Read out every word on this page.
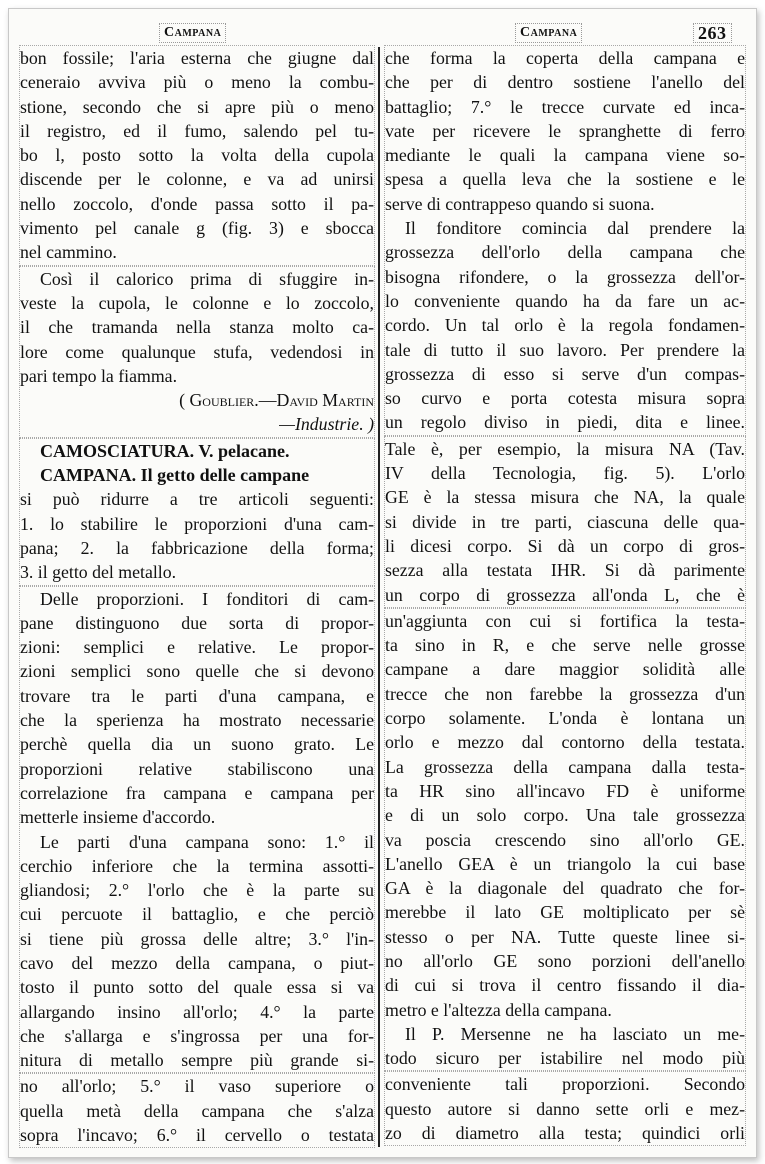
Campana	Campana	263
bon fossile; l'aria esterna che giugne dal
ceneraio avviva più o meno la combu-
stione, secondo che si apre più o meno
il registro, ed il fumo, salendo pel tu-
bo l, posto sotto la volta della cupola
discende per le colonne, e va ad unirsi
nello zoccolo, d'onde passa sotto il pa-
vimento pel canale g (fig. 3) e sbocca
nel cammino.
Così il calorico prima di sfuggire in-
veste la cupola, le colonne e lo zoccolo,
il che tramanda nella stanza molto ca-
lore come qualunque stufa, vedendosi in
pari tempo la fiamma.
( Goublier.—David Martin
—Industrie. )
CAMOSCIATURA. V. pelacane.
CAMPANA. Il getto delle campane
si può ridurre a tre articoli seguenti:
1. lo stabilire le proporzioni d'una cam-
pana; 2. la fabbricazione della forma;
3. il getto del metallo.
Delle proporzioni. I fonditori di cam-
pane distinguono due sorta di propor-
zioni: semplici e relative. Le propor-
zioni semplici sono quelle che si devono
trovare tra le parti d'una campana, e
che la sperienza ha mostrato necessarie
perchè quella dia un suono grato. Le
proporzioni relative stabiliscono una
correlazione fra campana e campana per
metterle insieme d'accordo.
Le parti d'una campana sono: 1.° il
cerchio inferiore che la termina assotti-
gliandosi; 2.° l'orlo che è la parte su
cui percuote il battaglio, e che perciò
si tiene più grossa delle altre; 3.° l'in-
cavo del mezzo della campana, o piut-
tosto il punto sotto del quale essa si va
allargando insino all'orlo; 4.° la parte
che s'allarga e s'ingrossa per una for-
nitura di metallo sempre più grande si-
no all'orlo; 5.° il vaso superiore o
quella metà della campana che s'alza
sopra l'incavo; 6.° il cervello o testata
che forma la coperta della campana e
che per di dentro sostiene l'anello del
battaglio; 7.° le trecce curvate ed inca-
vate per ricevere le spranghette di ferro
mediante le quali la campana viene so-
spesa a quella leva che la sostiene e le
serve di contrappeso quando si suona.
Il fonditore comincia dal prendere la
grossezza dell'orlo della campana che
bisogna rifondere, o la grossezza dell'or-
lo conveniente quando ha da fare un ac-
cordo. Un tal orlo è la regola fondamen-
tale di tutto il suo lavoro. Per prendere la
grossezza di esso si serve d'un compas-
so curvo e porta cotesta misura sopra
un regolo diviso in piedi, dita e linee.
Tale è, per esempio, la misura NA (Tav.
IV della Tecnologia, fig. 5). L'orlo
GE è la stessa misura che NA, la quale
si divide in tre parti, ciascuna delle qua-
li dicesi corpo. Si dà un corpo di gros-
sezza alla testata IHR. Si dà parimente
un corpo di grossezza all'onda L, che è
un'aggiunta con cui si fortifica la testa-
ta sino in R, e che serve nelle grosse
campane a dare maggior solidità alle
trecce che non farebbe la grossezza d'un
corpo solamente. L'onda è lontana un
orlo e mezzo dal contorno della testata.
La grossezza della campana dalla testa-
ta HR sino all'incavo FD è uniforme
e di un solo corpo. Una tale grossezza
va poscia crescendo sino all'orlo GE.
L'anello GEA è un triangolo la cui base
GA è la diagonale del quadrato che for-
merebbe il lato GE moltiplicato per sè
stesso o per NA. Tutte queste linee si-
no all'orlo GE sono porzioni dell'anello
di cui si trova il centro fissando il dia-
metro e l'altezza della campana.
Il P. Mersenne ne ha lasciato un me-
todo sicuro per istabilire nel modo più
conveniente tali proporzioni. Secondo
questo autore si danno sette orli e mez-
zo di diametro alla testa; quindici orli
